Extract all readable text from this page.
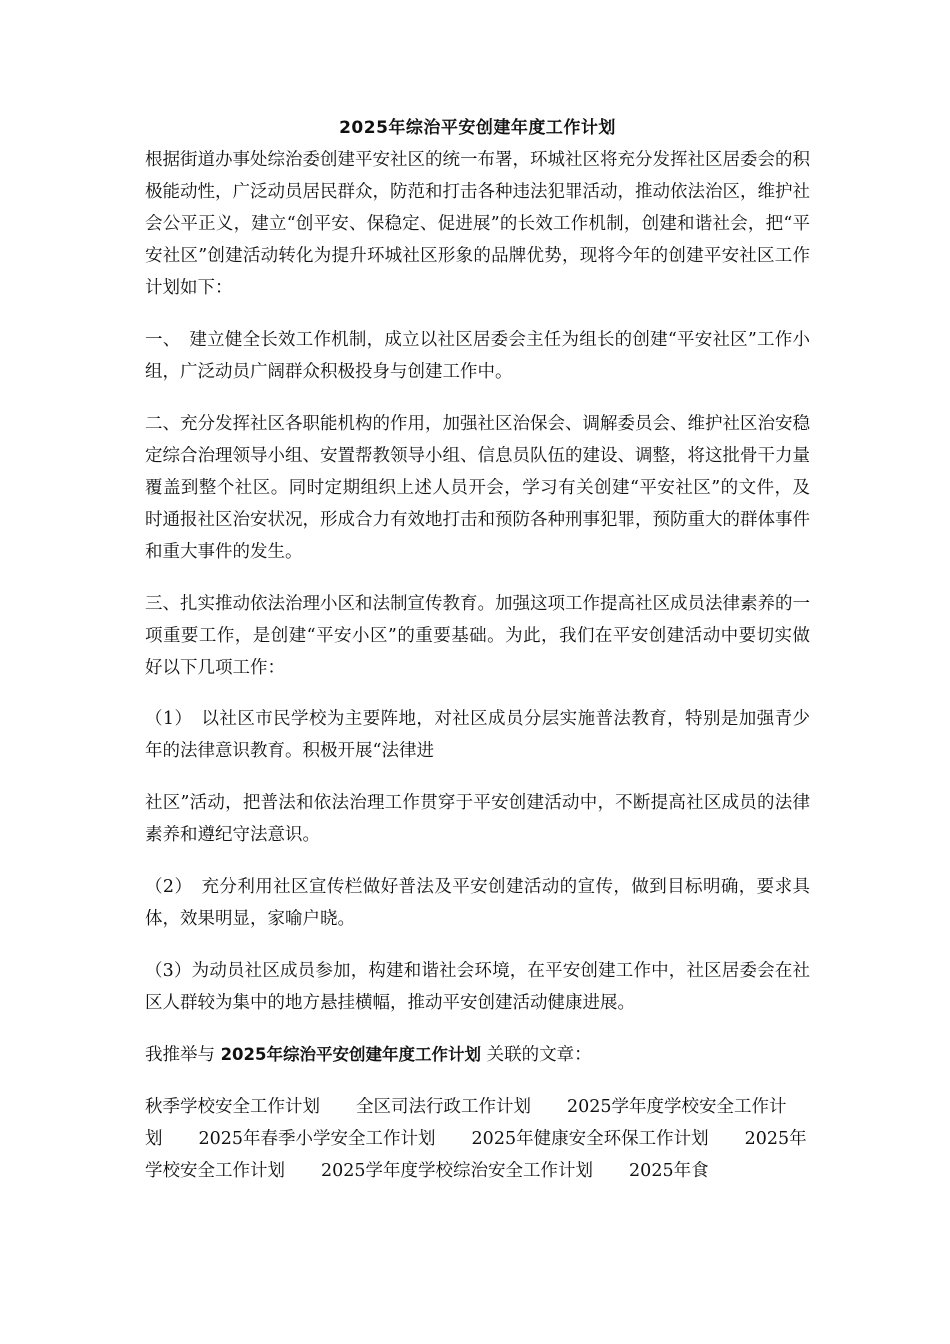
2025年综治平安创建年度工作计划

根据街道办事处综治委创建平安社区的统一布署，环城社区将充分发挥社区居委会的积极能动性，广泛动员居民群众，防范和打击各种违法犯罪活动，推动依法治区，维护社会公平正义，建立“创平安、保稳定、促进展”的长效工作机制，创建和谐社会，把“平安社区”创建活动转化为提升环城社区形象的品牌优势，现将今年的创建平安社区工作计划如下：

一、　建立健全长效工作机制，成立以社区居委会主任为组长的创建“平安社区”工作小组，广泛动员广阔群众积极投身与创建工作中。

二、充分发挥社区各职能机构的作用，加强社区治保会、调解委员会、维护社区治安稳定综合治理领导小组、安置帮教领导小组、信息员队伍的建设、调整，将这批骨干力量覆盖到整个社区。同时定期组织上述人员开会，学习有关创建“平安社区”的文件，及时通报社区治安状况，形成合力有效地打击和预防各种刑事犯罪，预防重大的群体事件和重大事件的发生。

三、扎实推动依法治理小区和法制宣传教育。加强这项工作提高社区成员法律素养的一项重要工作，是创建“平安小区”的重要基础。为此，我们在平安创建活动中要切实做好以下几项工作：

（1）　以社区市民学校为主要阵地，对社区成员分层实施普法教育，特别是加强青少年的法律意识教育。积极开展“法律进

社区”活动，把普法和依法治理工作贯穿于平安创建活动中，不断提高社区成员的法律素养和遵纪守法意识。

（2）　充分利用社区宣传栏做好普法及平安创建活动的宣传，做到目标明确，要求具体，效果明显，家喻户晓。

（3）为动员社区成员参加，构建和谐社会环境，在平安创建工作中，社区居委会在社区人群较为集中的地方悬挂横幅，推动平安创建活动健康进展。

我推举与 2025年综治平安创建年度工作计划 关联的文章：

秋季学校安全工作计划 全区司法行政工作计划 2025学年度学校安全工作计划 2025年春季小学安全工作计划 2025年健康安全环保工作计划 2025年学校安全工作计划 2025学年度学校综治安全工作计划 2025年食
